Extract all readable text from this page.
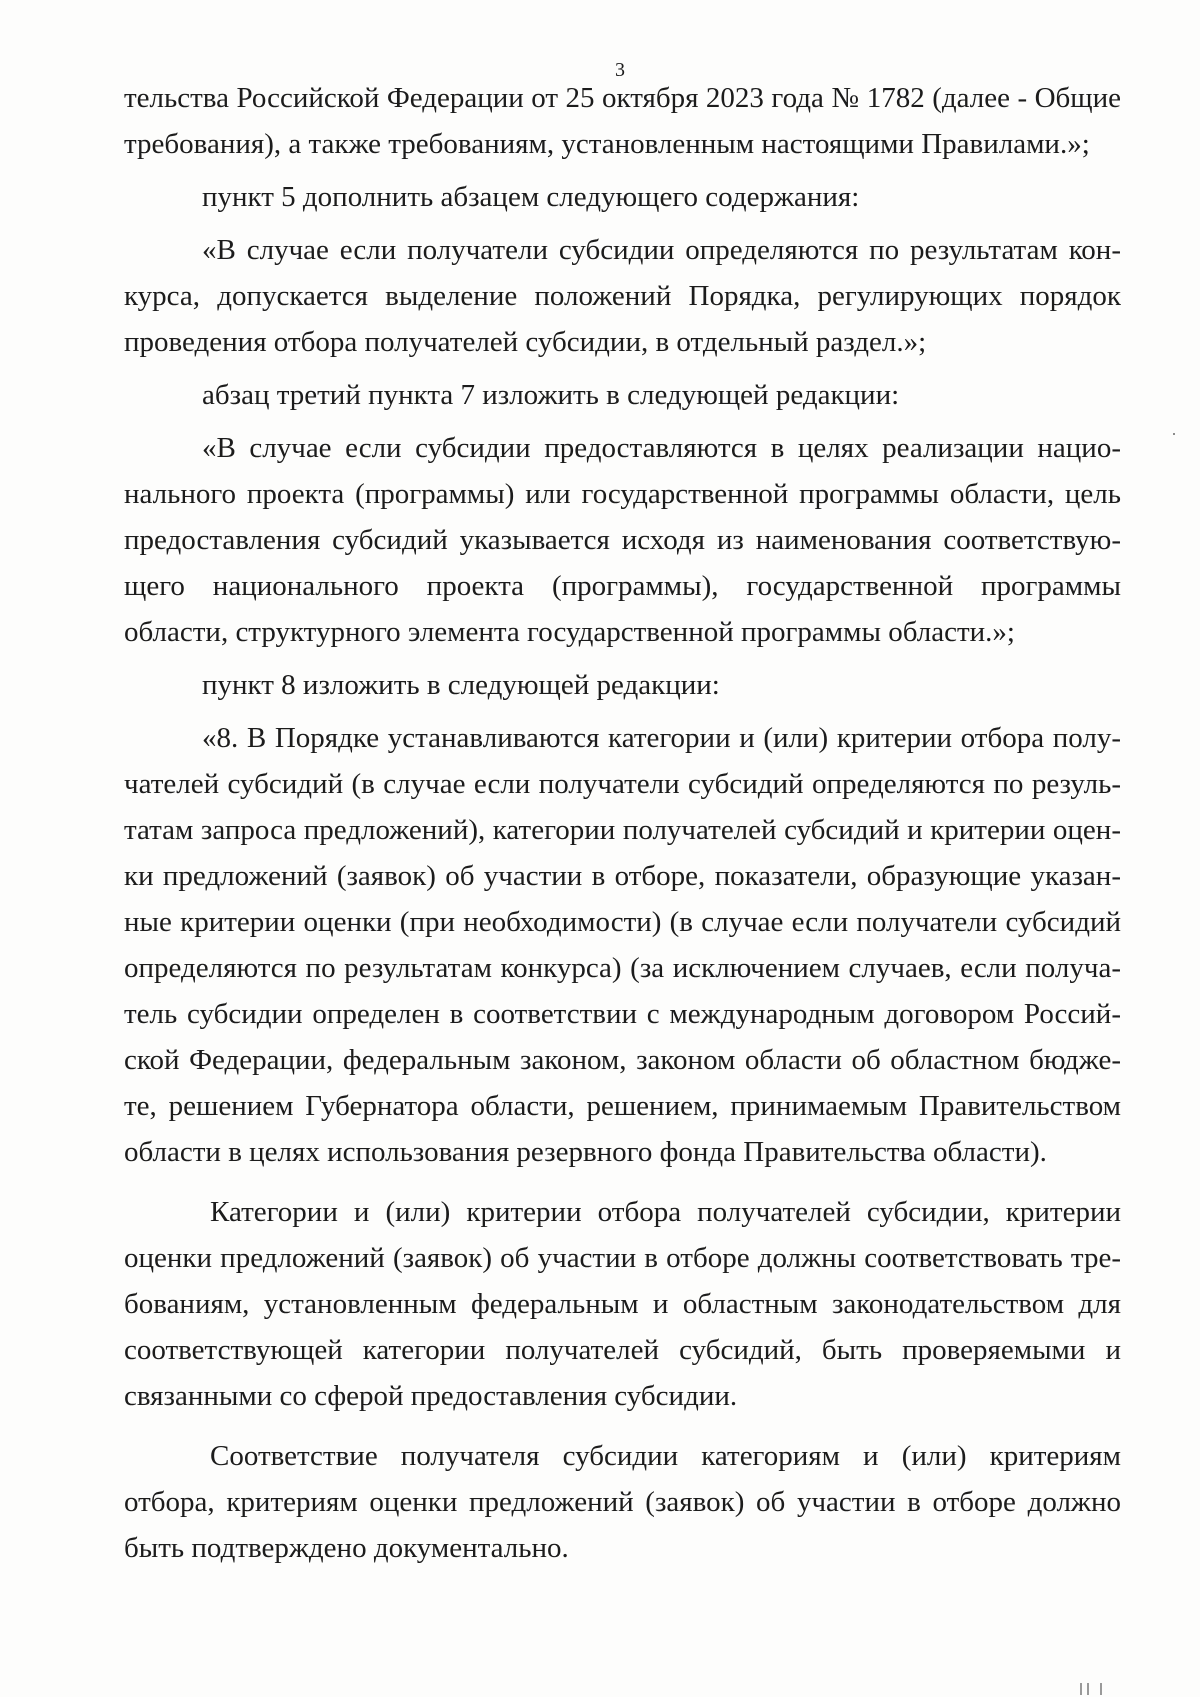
3

тельства Российской Федерации от 25 октября 2023 года № 1782 (далее - Общие требования), а также требованиям, установленным настоящими Правилами.»;

пункт 5 дополнить абзацем следующего содержания:

«В случае если получатели субсидии определяются по результатам конкурса, допускается выделение положений Порядка, регулирующих порядок проведения отбора получателей субсидии, в отдельный раздел.»;

абзац третий пункта 7 изложить в следующей редакции:

«В случае если субсидии предоставляются в целях реализации национального проекта (программы) или государственной программы области, цель предоставления субсидий указывается исходя из наименования соответствующего национального проекта (программы), государственной программы области, структурного элемента государственной программы области.»;

пункт 8 изложить в следующей редакции:

«8. В Порядке устанавливаются категории и (или) критерии отбора получателей субсидий (в случае если получатели субсидий определяются по результатам запроса предложений), категории получателей субсидий и критерии оценки предложений (заявок) об участии в отборе, показатели, образующие указанные критерии оценки (при необходимости) (в случае если получатели субсидий определяются по результатам конкурса) (за исключением случаев, если получатель субсидии определен в соответствии с международным договором Российской Федерации, федеральным законом, законом области об областном бюджете, решением Губернатора области, решением, принимаемым Правительством области в целях использования резервного фонда Правительства области).

Категории и (или) критерии отбора получателей субсидии, критерии оценки предложений (заявок) об участии в отборе должны соответствовать требованиям, установленным федеральным и областным законодательством для соответствующей категории получателей субсидий, быть проверяемыми и связанными со сферой предоставления субсидии.

Соответствие получателя субсидии категориям и (или) критериям отбора, критериям оценки предложений (заявок) об участии в отборе должно быть подтверждено документально.
